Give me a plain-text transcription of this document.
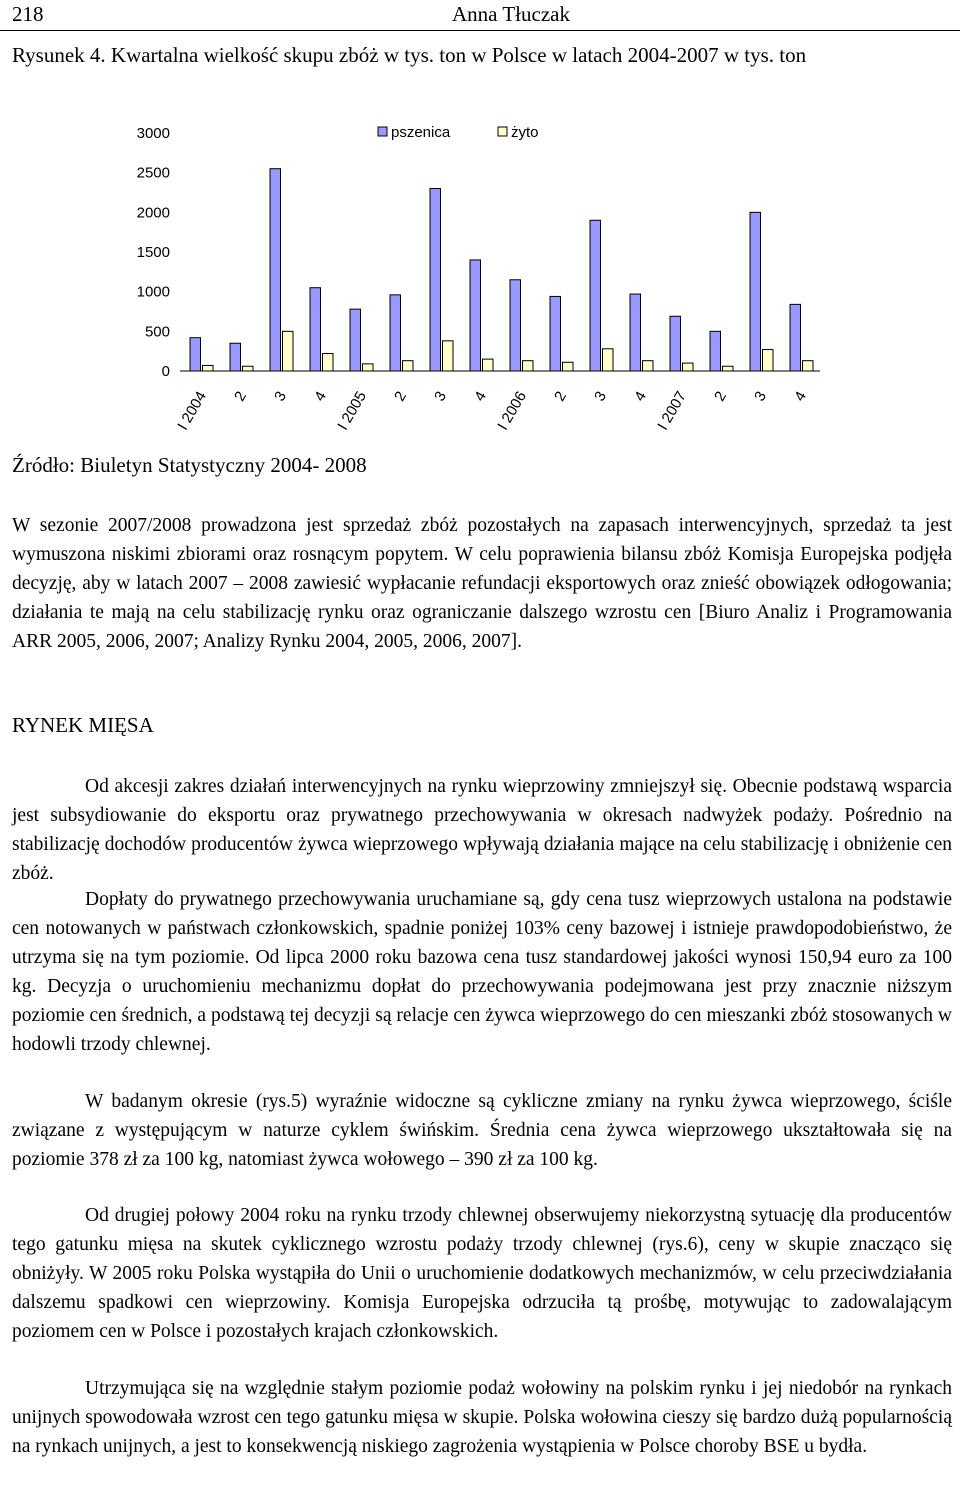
218	Anna Tłuczak
Rysunek 4. Kwartalna wielkość skupu zbóż w tys. ton w Polsce w latach 2004-2007 w tys. ton
0
500
1000
1500
2000
2500
3000
I 2004 2 3 4 I 2005 2 3 4 I 2006 2 3 4 I 2007 2 3 4
pszenica	żyto
Źródło: Biuletyn Statystyczny 2004- 2008

W sezonie 2007/2008 prowadzona jest sprzedaż zbóż pozostałych na zapasach interwencyjnych, sprzedaż ta jest wymuszona niskimi zbiorami oraz rosnącym popytem. W celu poprawienia bilansu zbóż Komisja Europejska podjęła decyzję, aby w latach 2007 – 2008 zawiesić wypłacanie refundacji eksportowych oraz znieść obowiązek odłogowania; działania te mają na celu stabilizację rynku oraz ograniczanie dalszego wzrostu cen [Biuro Analiz i Programowania ARR 2005, 2006, 2007; Analizy Rynku 2004, 2005, 2006, 2007].

RYNEK MIĘSA

Od akcesji zakres działań interwencyjnych na rynku wieprzowiny zmniejszył się. Obecnie podstawą wsparcia jest subsydiowanie do eksportu oraz prywatnego przechowywania w okresach nadwyżek podaży. Pośrednio na stabilizację dochodów producentów żywca wieprzowego wpływają działania mające na celu stabilizację i obniżenie cen zbóż.

Dopłaty do prywatnego przechowywania uruchamiane są, gdy cena tusz wieprzowych ustalona na podstawie cen notowanych w państwach członkowskich, spadnie poniżej 103% ceny bazowej i istnieje prawdopodobieństwo, że utrzyma się na tym poziomie. Od lipca 2000 roku bazowa cena tusz standardowej jakości wynosi 150,94 euro za 100 kg. Decyzja o uruchomieniu mechanizmu dopłat do przechowywania podejmowana jest przy znacznie niższym poziomie cen średnich, a podstawą tej decyzji są relacje cen żywca wieprzowego do cen mieszanki zbóż stosowanych w hodowli trzody chlewnej.

W badanym okresie (rys.5) wyraźnie widoczne są cykliczne zmiany na rynku żywca wieprzowego, ściśle związane z występującym w naturze cyklem świńskim. Średnia cena żywca wieprzowego ukształtowała się na poziomie 378 zł za 100 kg, natomiast żywca wołowego – 390 zł za 100 kg.

Od drugiej połowy 2004 roku na rynku trzody chlewnej obserwujemy niekorzystną sytuację dla producentów tego gatunku mięsa na skutek cyklicznego wzrostu podaży trzody chlewnej (rys.6), ceny w skupie znacząco się obniżyły. W 2005 roku Polska wystąpiła do Unii o uruchomienie dodatkowych mechanizmów, w celu przeciwdziałania dalszemu spadkowi cen wieprzowiny. Komisja Europejska odrzuciła tą prośbę, motywując to zadowalającym poziomem cen w Polsce i pozostałych krajach członkowskich.

Utrzymująca się na względnie stałym poziomie podaż wołowiny na polskim rynku i jej niedobór na rynkach unijnych spowodowała wzrost cen tego gatunku mięsa w skupie. Polska wołowina cieszy się bardzo dużą popularnością na rynkach unijnych, a jest to konsekwencją niskiego zagrożenia wystąpienia w Polsce choroby BSE u bydła.
